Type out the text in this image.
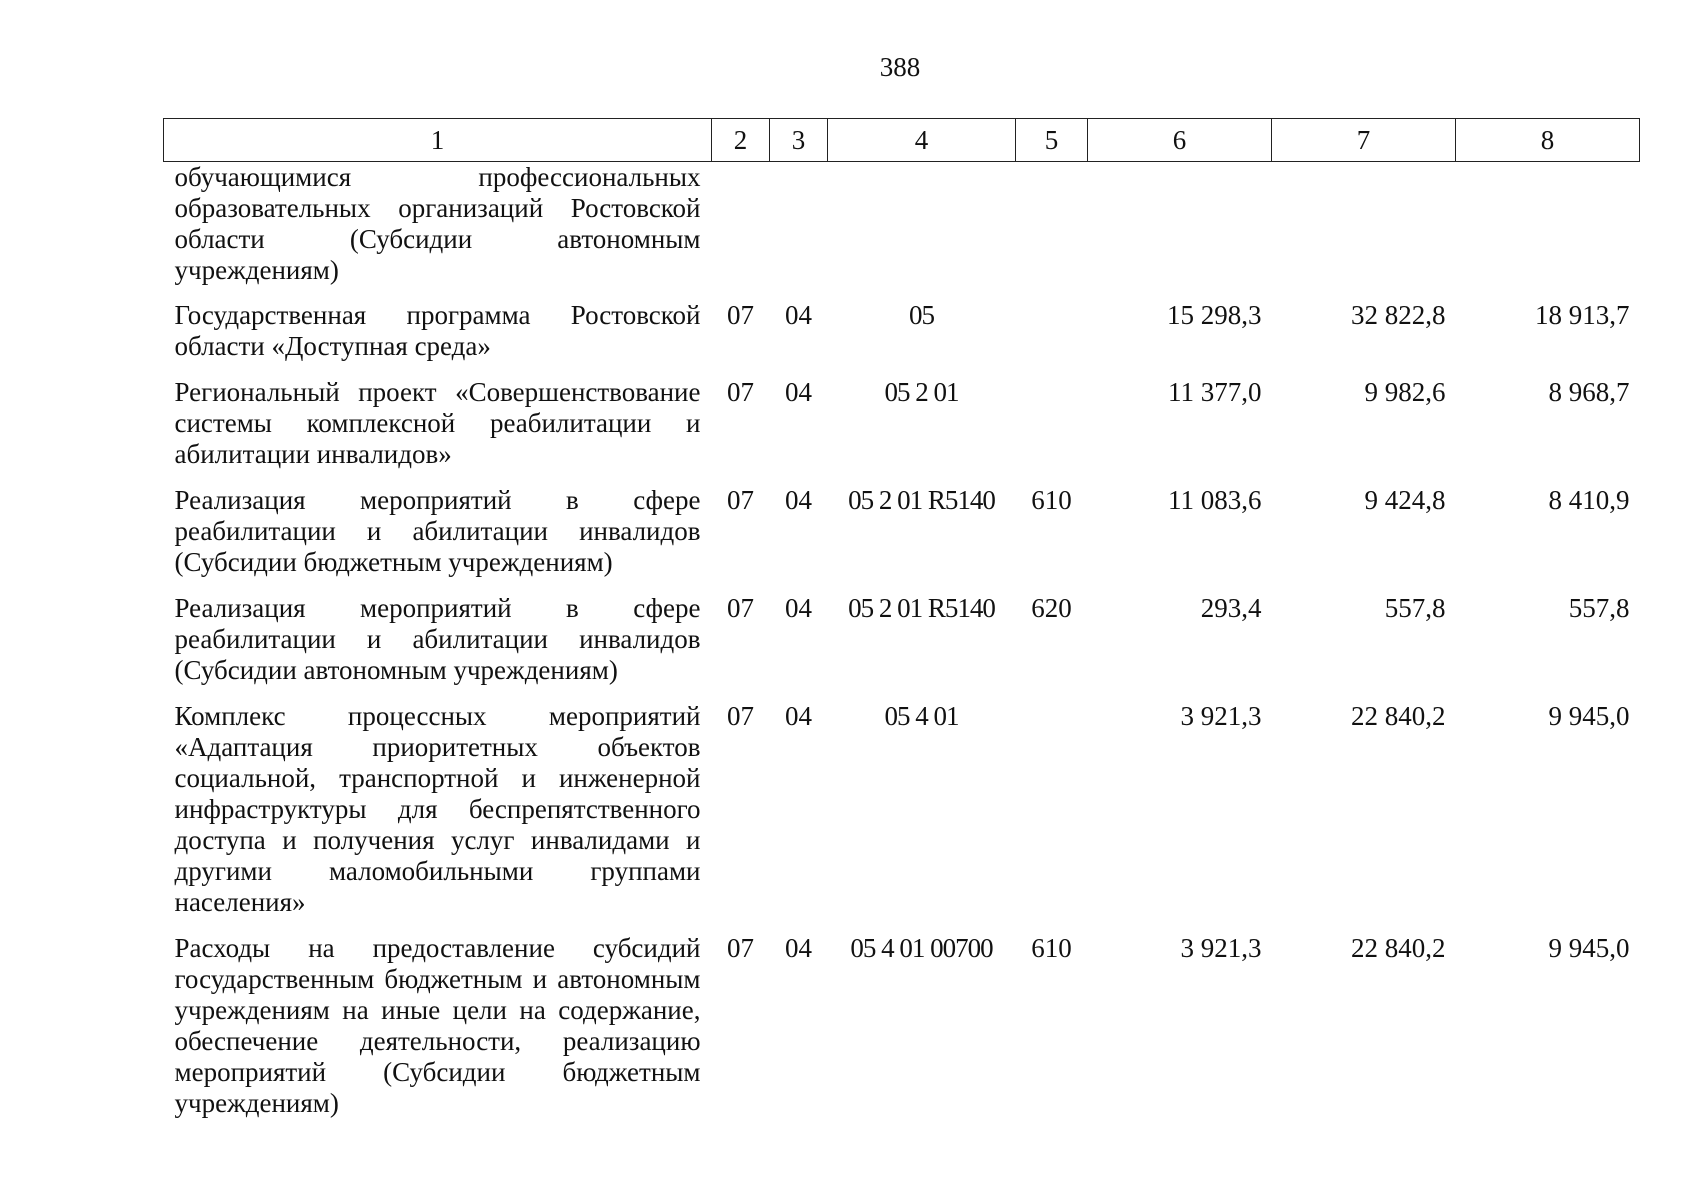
388
1	2	3	4	5	6	7	8
обучающимися профессиональных образовательных организаций Ростовской области (Субсидии автономным учреждениям)							
Государственная программа Ростовской области «Доступная среда»	07	04	05		15 298,3	32 822,8	18 913,7
Региональный проект «Совершенствование системы комплексной реабилитации и абилитации инвалидов»	07	04	05 2 01		11 377,0	9 982,6	8 968,7
Реализация мероприятий в сфере реабилитации и абилитации инвалидов (Субсидии бюджетным учреждениям)	07	04	05 2 01 R5140	610	11 083,6	9 424,8	8 410,9
Реализация мероприятий в сфере реабилитации и абилитации инвалидов (Субсидии автономным учреждениям)	07	04	05 2 01 R5140	620	293,4	557,8	557,8
Комплекс процессных мероприятий «Адаптация приоритетных объектов социальной, транспортной и инженерной инфраструктуры для беспрепятственного доступа и получения услуг инвалидами и другими маломобильными группами населения»	07	04	05 4 01		3 921,3	22 840,2	9 945,0
Расходы на предоставление субсидий государственным бюджетным и автономным учреждениям на иные цели на содержание, обеспечение деятельности, реализацию мероприятий (Субсидии бюджетным учреждениям)	07	04	05 4 01 00700	610	3 921,3	22 840,2	9 945,0
